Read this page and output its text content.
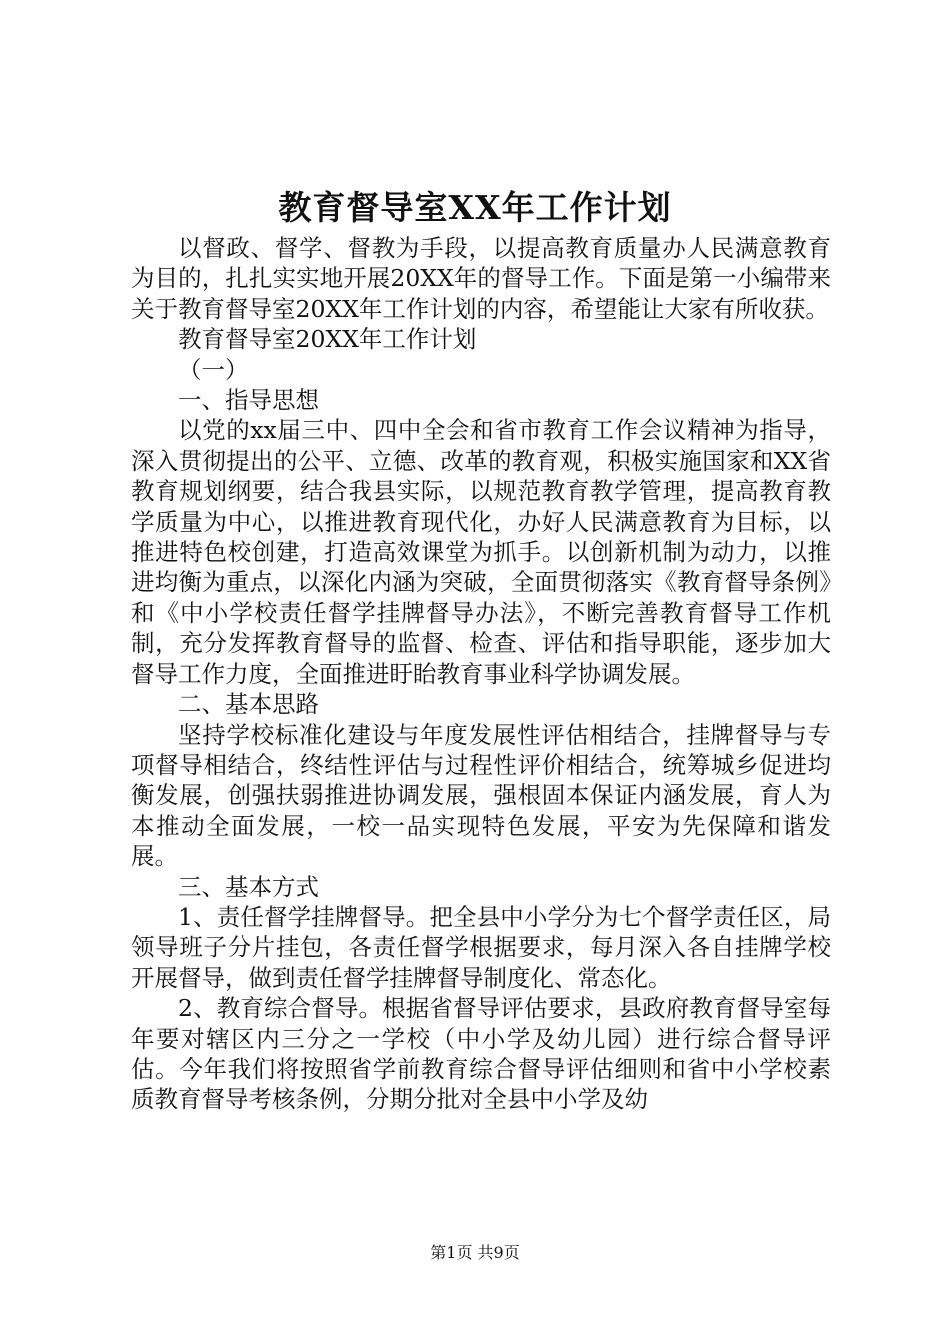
教育督导室XX年工作计划

以督政、督学、督教为手段，以提高教育质量办人民满意教育为目的，扎扎实实地开展20XX年的督导工作。下面是第一小编带来关于教育督导室20XX年工作计划的内容，希望能让大家有所收获。

教育督导室20XX年工作计划

（一）

一、指导思想

以党的xx届三中、四中全会和省市教育工作会议精神为指导，深入贯彻提出的公平、立德、改革的教育观，积极实施国家和XX省教育规划纲要，结合我县实际，以规范教育教学管理，提高教育教学质量为中心，以推进教育现代化，办好人民满意教育为目标，以推进特色校创建，打造高效课堂为抓手。以创新机制为动力，以推进均衡为重点，以深化内涵为突破，全面贯彻落实《教育督导条例》和《中小学校责任督学挂牌督导办法》，不断完善教育督导工作机制，充分发挥教育督导的监督、检查、评估和指导职能，逐步加大督导工作力度，全面推进盱眙教育事业科学协调发展。

二、基本思路

坚持学校标准化建设与年度发展性评估相结合，挂牌督导与专项督导相结合，终结性评估与过程性评价相结合，统筹城乡促进均衡发展，创强扶弱推进协调发展，强根固本保证内涵发展，育人为本推动全面发展，一校一品实现特色发展，平安为先保障和谐发展。

三、基本方式

1、责任督学挂牌督导。把全县中小学分为七个督学责任区，局领导班子分片挂包，各责任督学根据要求，每月深入各自挂牌学校开展督导，做到责任督学挂牌督导制度化、常态化。

2、教育综合督导。根据省督导评估要求，县政府教育督导室每年要对辖区内三分之一学校（中小学及幼儿园）进行综合督导评估。今年我们将按照省学前教育综合督导评估细则和省中小学校素质教育督导考核条例，分期分批对全县中小学及幼

第1页 共9页
